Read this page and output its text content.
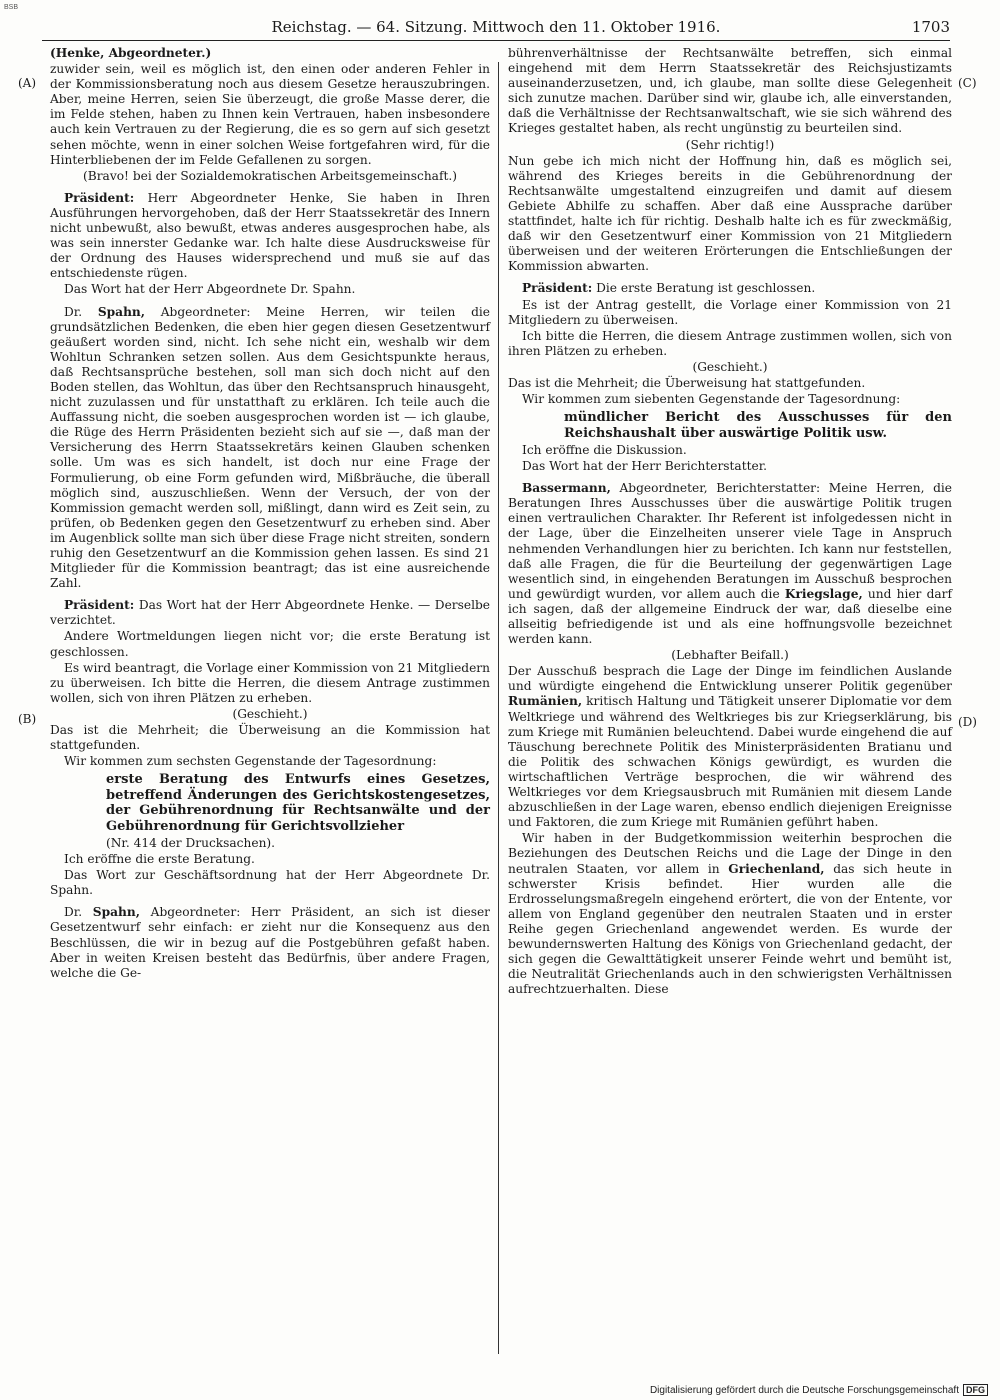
BSB
Reichstag. — 64. Sitzung. Mittwoch den 11. Oktober 1916.	1703
(A)
(B)
(C)
(D)

(Henke, Abgeordneter.)

zuwider sein, weil es möglich ist, den einen oder anderen Fehler in der Kommissionsberatung noch aus diesem Gesetze herauszubringen. Aber, meine Herren, seien Sie überzeugt, die große Masse derer, die im Felde stehen, haben zu Ihnen kein Vertrauen, haben insbesondere auch kein Vertrauen zu der Regierung, die es so gern auf sich gesetzt sehen möchte, wenn in einer solchen Weise fortgefahren wird, für die Hinterbliebenen der im Felde Gefallenen zu sorgen.

(Bravo! bei der Sozialdemokratischen Arbeitsgemeinschaft.)

Präsident: Herr Abgeordneter Henke, Sie haben in Ihren Ausführungen hervorgehoben, daß der Herr Staatssekretär des Innern nicht unbewußt, also bewußt, etwas anderes ausgesprochen habe, als was sein innerster Gedanke war. Ich halte diese Ausdrucksweise für der Ordnung des Hauses widersprechend und muß sie auf das entschiedenste rügen.

Das Wort hat der Herr Abgeordnete Dr. Spahn.

Dr. Spahn, Abgeordneter: Meine Herren, wir teilen die grundsätzlichen Bedenken, die eben hier gegen diesen Gesetzentwurf geäußert worden sind, nicht. Ich sehe nicht ein, weshalb wir dem Wohltun Schranken setzen sollen. Aus dem Gesichtspunkte heraus, daß Rechtsansprüche bestehen, soll man sich doch nicht auf den Boden stellen, das Wohltun, das über den Rechtsanspruch hinausgeht, nicht zuzulassen und für unstatthaft zu erklären. Ich teile auch die Auffassung nicht, die soeben ausgesprochen worden ist — ich glaube, die Rüge des Herrn Präsidenten bezieht sich auf sie —, daß man der Versicherung des Herrn Staatssekretärs keinen Glauben schenken solle. Um was es sich handelt, ist doch nur eine Frage der Formulierung, ob eine Form gefunden wird, Mißbräuche, die überall möglich sind, auszuschließen. Wenn der Versuch, der von der Kommission gemacht werden soll, mißlingt, dann wird es Zeit sein, zu prüfen, ob Bedenken gegen den Gesetzentwurf zu erheben sind. Aber im Augenblick sollte man sich über diese Frage nicht streiten, sondern ruhig den Gesetzentwurf an die Kommission gehen lassen. Es sind 21 Mitglieder für die Kommission beantragt; das ist eine ausreichende Zahl.

Präsident: Das Wort hat der Herr Abgeordnete Henke. — Derselbe verzichtet.

Andere Wortmeldungen liegen nicht vor; die erste Beratung ist geschlossen.

Es wird beantragt, die Vorlage einer Kommission von 21 Mitgliedern zu überweisen. Ich bitte die Herren, die diesem Antrage zustimmen wollen, sich von ihren Plätzen zu erheben.

(Geschieht.)

Das ist die Mehrheit; die Überweisung an die Kommission hat stattgefunden.

Wir kommen zum sechsten Gegenstande der Tagesordnung:

erste Beratung des Entwurfs eines Gesetzes, betreffend Änderungen des Gerichtskostengesetzes, der Gebührenordnung für Rechtsanwälte und der Gebührenordnung für Gerichtsvollzieher

(Nr. 414 der Drucksachen).

Ich eröffne die erste Beratung.

Das Wort zur Geschäftsordnung hat der Herr Abgeordnete Dr. Spahn.

Dr. Spahn, Abgeordneter: Herr Präsident, an sich ist dieser Gesetzentwurf sehr einfach: er zieht nur die Konsequenz aus den Beschlüssen, die wir in bezug auf die Postgebühren gefaßt haben. Aber in weiten Kreisen besteht das Bedürfnis, über andere Fragen, welche die Ge-

bührenverhältnisse der Rechtsanwälte betreffen, sich einmal eingehend mit dem Herrn Staatssekretär des Reichsjustizamts auseinanderzusetzen, und, ich glaube, man sollte diese Gelegenheit sich zunutze machen. Darüber sind wir, glaube ich, alle einverstanden, daß die Verhältnisse der Rechtsanwaltschaft, wie sie sich während des Krieges gestaltet haben, als recht ungünstig zu beurteilen sind.

(Sehr richtig!)

Nun gebe ich mich nicht der Hoffnung hin, daß es möglich sei, während des Krieges bereits in die Gebührenordnung der Rechtsanwälte umgestaltend einzugreifen und damit auf diesem Gebiete Abhilfe zu schaffen. Aber daß eine Aussprache darüber stattfindet, halte ich für richtig. Deshalb halte ich es für zweckmäßig, daß wir den Gesetzentwurf einer Kommission von 21 Mitgliedern überweisen und der weiteren Erörterungen die Entschließungen der Kommission abwarten.

Präsident: Die erste Beratung ist geschlossen.

Es ist der Antrag gestellt, die Vorlage einer Kommission von 21 Mitgliedern zu überweisen.

Ich bitte die Herren, die diesem Antrage zustimmen wollen, sich von ihren Plätzen zu erheben.

(Geschieht.)

Das ist die Mehrheit; die Überweisung hat stattgefunden.

Wir kommen zum siebenten Gegenstande der Tagesordnung:

mündlicher Bericht des Ausschusses für den Reichshaushalt über auswärtige Politik usw.

Ich eröffne die Diskussion.

Das Wort hat der Herr Berichterstatter.

Bassermann, Abgeordneter, Berichterstatter: Meine Herren, die Beratungen Ihres Ausschusses über die auswärtige Politik trugen einen vertraulichen Charakter. Ihr Referent ist infolgedessen nicht in der Lage, über die Einzelheiten unserer viele Tage in Anspruch nehmenden Verhandlungen hier zu berichten. Ich kann nur feststellen, daß alle Fragen, die für die Beurteilung der gegenwärtigen Lage wesentlich sind, in eingehenden Beratungen im Ausschuß besprochen und gewürdigt wurden, vor allem auch die Kriegslage, und hier darf ich sagen, daß der allgemeine Eindruck der war, daß dieselbe eine allseitig befriedigende ist und als eine hoffnungsvolle bezeichnet werden kann.

(Lebhafter Beifall.)

Der Ausschuß besprach die Lage der Dinge im feindlichen Auslande und würdigte eingehend die Entwicklung unserer Politik gegenüber Rumänien, kritisch Haltung und Tätigkeit unserer Diplomatie vor dem Weltkriege und während des Weltkrieges bis zur Kriegserklärung, bis zum Kriege mit Rumänien beleuchtend. Dabei wurde eingehend die auf Täuschung berechnete Politik des Ministerpräsidenten Bratianu und die Politik des schwachen Königs gewürdigt, es wurden die wirtschaftlichen Verträge besprochen, die wir während des Weltkrieges vor dem Kriegsausbruch mit Rumänien mit diesem Lande abzuschließen in der Lage waren, ebenso endlich diejenigen Ereignisse und Faktoren, die zum Kriege mit Rumänien geführt haben.

Wir haben in der Budgetkommission weiterhin besprochen die Beziehungen des Deutschen Reichs und die Lage der Dinge in den neutralen Staaten, vor allem in Griechenland, das sich heute in schwerster Krisis befindet. Hier wurden alle die Erdrosselungsmaßregeln eingehend erörtert, die von der Entente, vor allem von England gegenüber den neutralen Staaten und in erster Reihe gegen Griechenland angewendet werden. Es wurde der bewundernswerten Haltung des Königs von Griechenland gedacht, der sich gegen die Gewalttätigkeit unserer Feinde wehrt und bemüht ist, die Neutralität Griechenlands auch in den schwierigsten Verhältnissen aufrechtzuerhalten. Diese

Digitalisierung gefördert durch die Deutsche Forschungsgemeinschaft DFG
